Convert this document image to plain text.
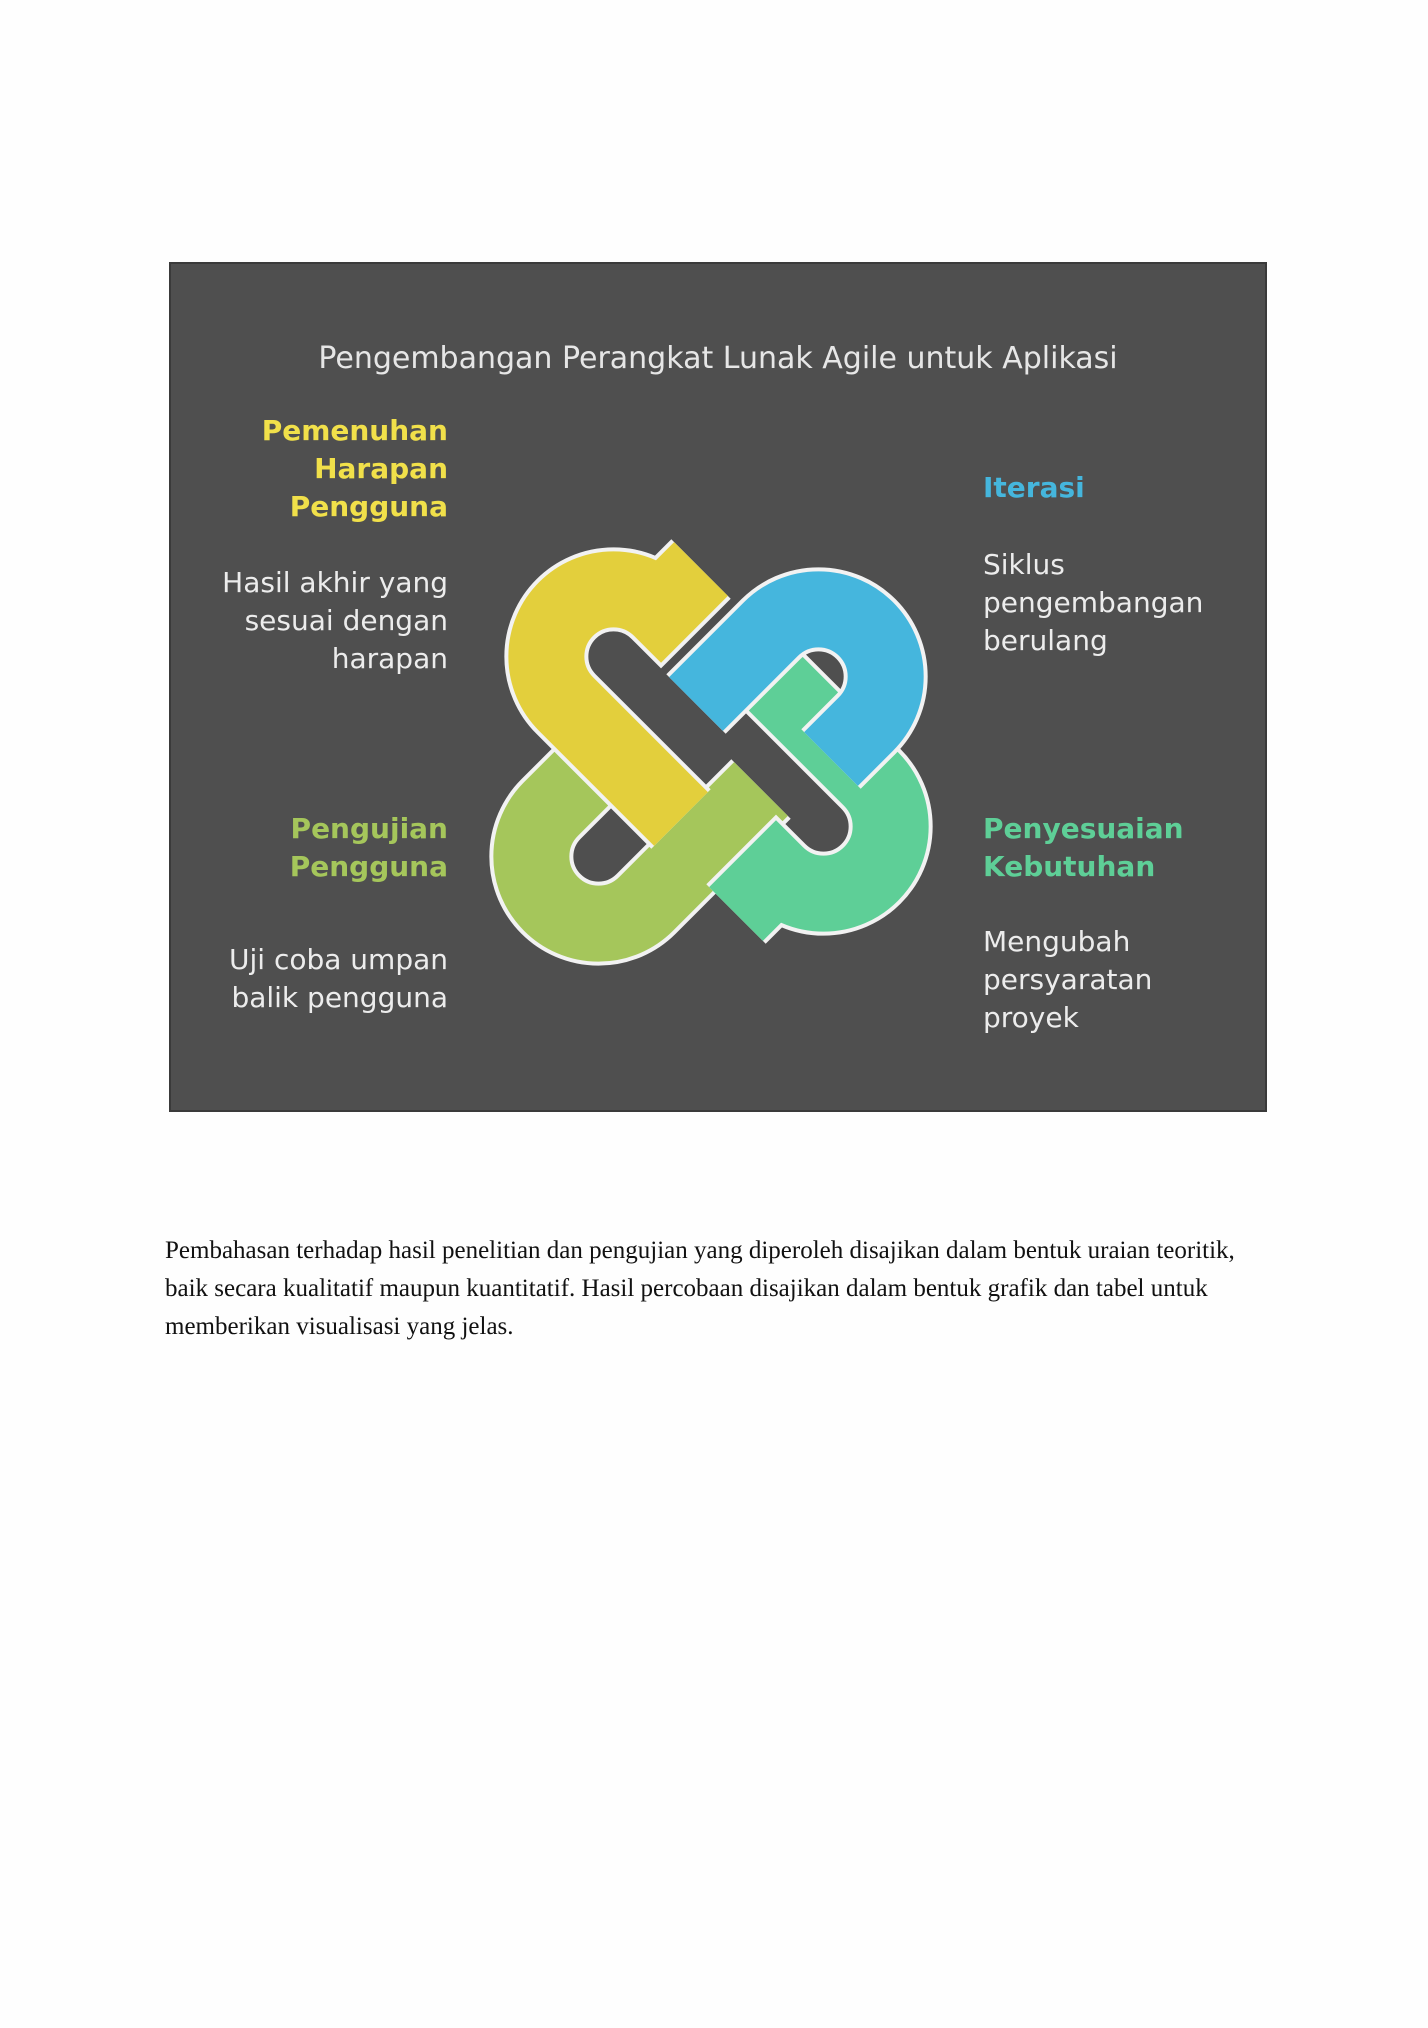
Pengembangan Perangkat Lunak Agile untuk Aplikasi
Pemenuhan
Harapan
Pengguna
Hasil akhir yang
sesuai dengan
harapan
Iterasi
Siklus
pengembangan
berulang
Pengujian
Pengguna
Uji coba umpan
balik pengguna
Penyesuaian
Kebutuhan
Mengubah
persyaratan
proyek

Pembahasan terhadap hasil penelitian dan pengujian yang diperoleh disajikan dalam bentuk uraian teoritik, baik secara kualitatif maupun kuantitatif. Hasil percobaan disajikan dalam bentuk grafik dan tabel untuk memberikan visualisasi yang jelas.
